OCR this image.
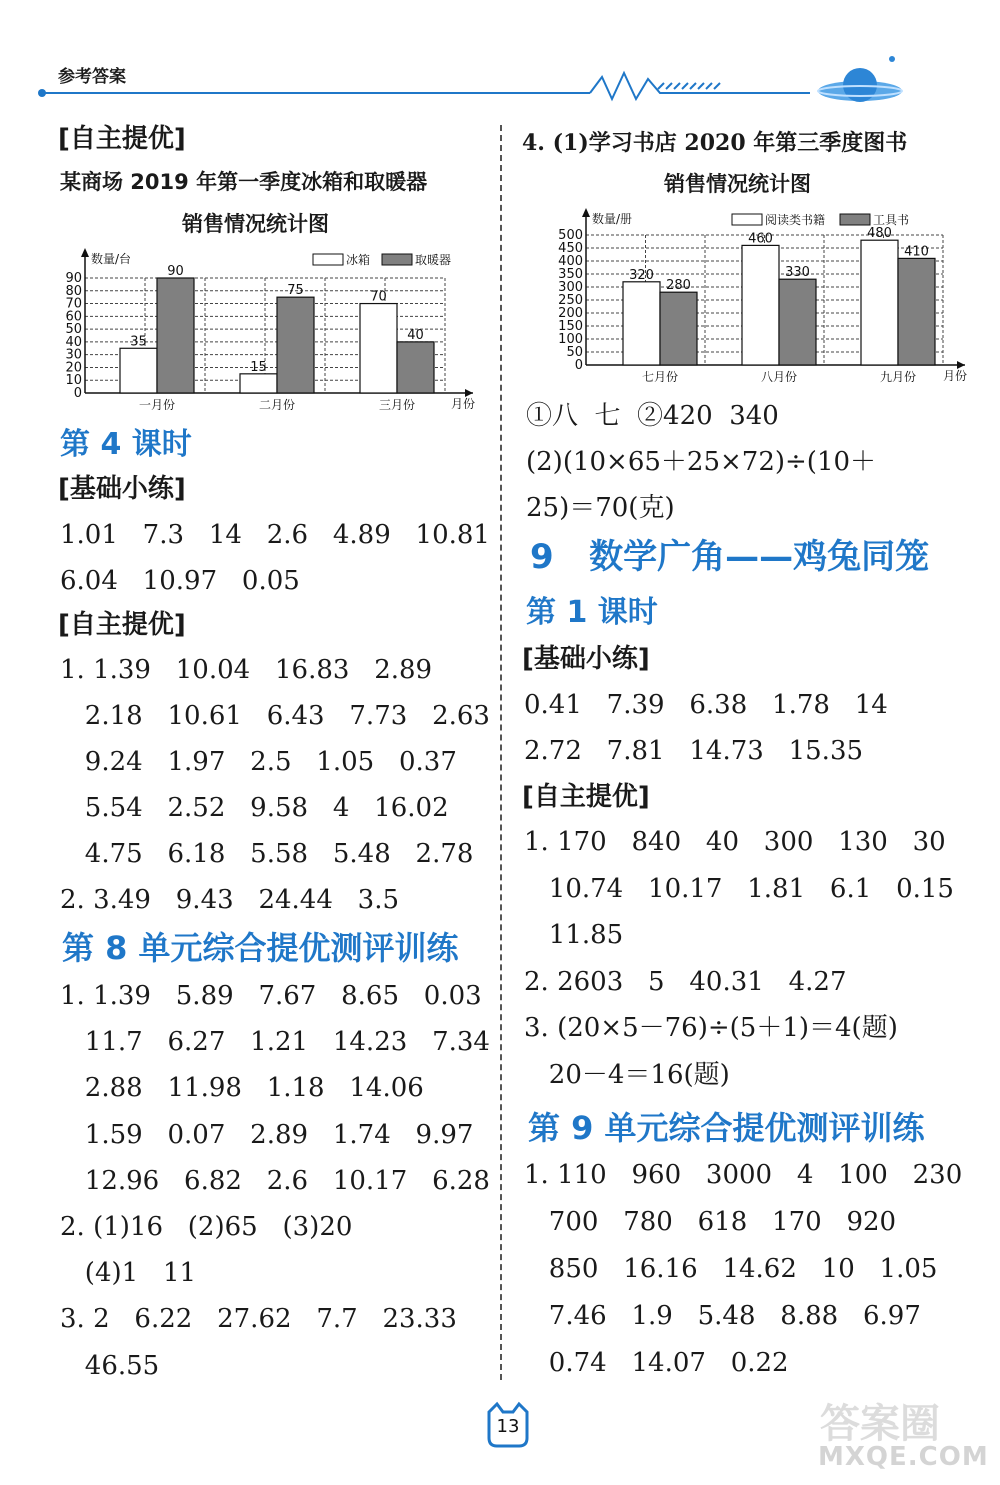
参考答案
[自主提优]
某商场 2019 年第一季度冰箱和取暖器
销售情况统计图
0
10
20
30
40
50
60
70
80
90
数量/台
月份
35
90
一月份
15
75
二月份
70
40
三月份
冰箱	取暖器
第 4 课时
[基础小练]
1.01   7.3   14   2.6   4.89   10.81
6.04   10.97   0.05
[自主提优]
1. 1.39   10.04   16.83   2.89
2.18   10.61   6.43   7.73   2.63
9.24   1.97   2.5   1.05   0.37
5.54   2.52   9.58   4   16.02
4.75   6.18   5.58   5.48   2.78
2. 3.49   9.43   24.44   3.5
第 8 单元综合提优测评训练
1. 1.39   5.89   7.67   8.65   0.03
11.7   6.27   1.21   14.23   7.34
2.88   11.98   1.18   14.06
1.59   0.07   2.89   1.74   9.97
12.96   6.82   2.6   10.17   6.28
2. (1)16   (2)65   (3)20
(4)1   11
3. 2   6.22   27.62   7.7   23.33
46.55
4. (1)学习书店 2020 年第三季度图书
销售情况统计图
0
50
100
150
200
250
300
350
400
450
500
数量/册
月份
320
280
七月份
460
330
八月份
480
410
九月份
阅读类书籍	工具书
①八  七  ②420  340
(2)(10×65＋25×72)÷(10＋
25)＝70(克)
9   数学广角——鸡兔同笼
第 1 课时
[基础小练]
0.41   7.39   6.38   1.78   14
2.72   7.81   14.73   15.35
[自主提优]
1. 170   840   40   300   130   30
10.74   10.17   1.81   6.1   0.15
11.85
2. 2603   5   40.31   4.27
3. (20×5－76)÷(5＋1)＝4(题)
20－4＝16(题)
第 9 单元综合提优测评训练
1. 110   960   3000   4   100   230
700   780   618   170   920
850   16.16   14.62   10   1.05
7.46   1.9   5.48   8.88   6.97
0.74   14.07   0.22
13	答案圈
MXQE.COM
